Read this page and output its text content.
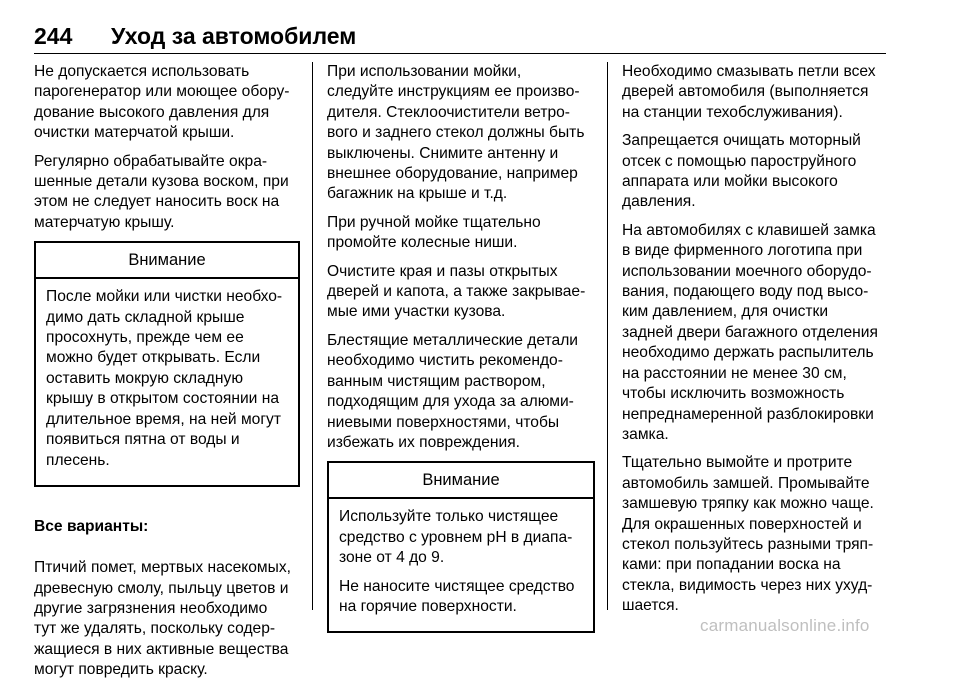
244 Уход за автомобилем

Не допускается использовать
парогенератор или моющее обору-
дование высокого давления для
очистки матерчатой крыши.

Регулярно обрабатывайте окра-
шенные детали кузова воском, при
этом не следует наносить воск на
матерчатую крышу.

Внимание

После мойки или чистки необхо-
димо дать складной крыше
просохнуть, прежде чем ее
можно будет открывать. Если
оставить мокрую складную
крышу в открытом состоянии на
длительное время, на ней могут
появиться пятна от воды и
плесень.

Все варианты:

Птичий помет, мертвых насекомых,
древесную смолу, пыльцу цветов и
другие загрязнения необходимо
тут же удалять, поскольку содер-
жащиеся в них активные вещества
могут повредить краску.

При использовании мойки,
следуйте инструкциям ее произво-
дителя. Стеклоочистители ветро-
вого и заднего стекол должны быть
выключены. Снимите антенну и
внешнее оборудование, например
багажник на крыше и т.д.

При ручной мойке тщательно
промойте колесные ниши.

Очистите края и пазы открытых
дверей и капота, а также закрывае-
мые ими участки кузова.

Блестящие металлические детали
необходимо чистить рекомендо-
ванным чистящим раствором,
подходящим для ухода за алюми-
ниевыми поверхностями, чтобы
избежать их повреждения.

Внимание

Используйте только чистящее
средство с уровнем pH в диапа-
зоне от 4 до 9.

Не наносите чистящее средство
на горячие поверхности.

Необходимо смазывать петли всех
дверей автомобиля (выполняется
на станции техобслуживания).

Запрещается очищать моторный
отсек с помощью пароструйного
аппарата или мойки высокого
давления.

На автомобилях с клавишей замка
в виде фирменного логотипа при
использовании моечного оборудо-
вания, подающего воду под высо-
ким давлением, для очистки
задней двери багажного отделения
необходимо держать распылитель
на расстоянии не менее 30 см,
чтобы исключить возможность
непреднамеренной разблокировки
замка.

Тщательно вымойте и протрите
автомобиль замшей. Промывайте
замшевую тряпку как можно чаще.
Для окрашенных поверхностей и
стекол пользуйтесь разными тряп-
ками: при попадании воска на
стекла, видимость через них ухуд-
шается.

carmanualsonline.info
